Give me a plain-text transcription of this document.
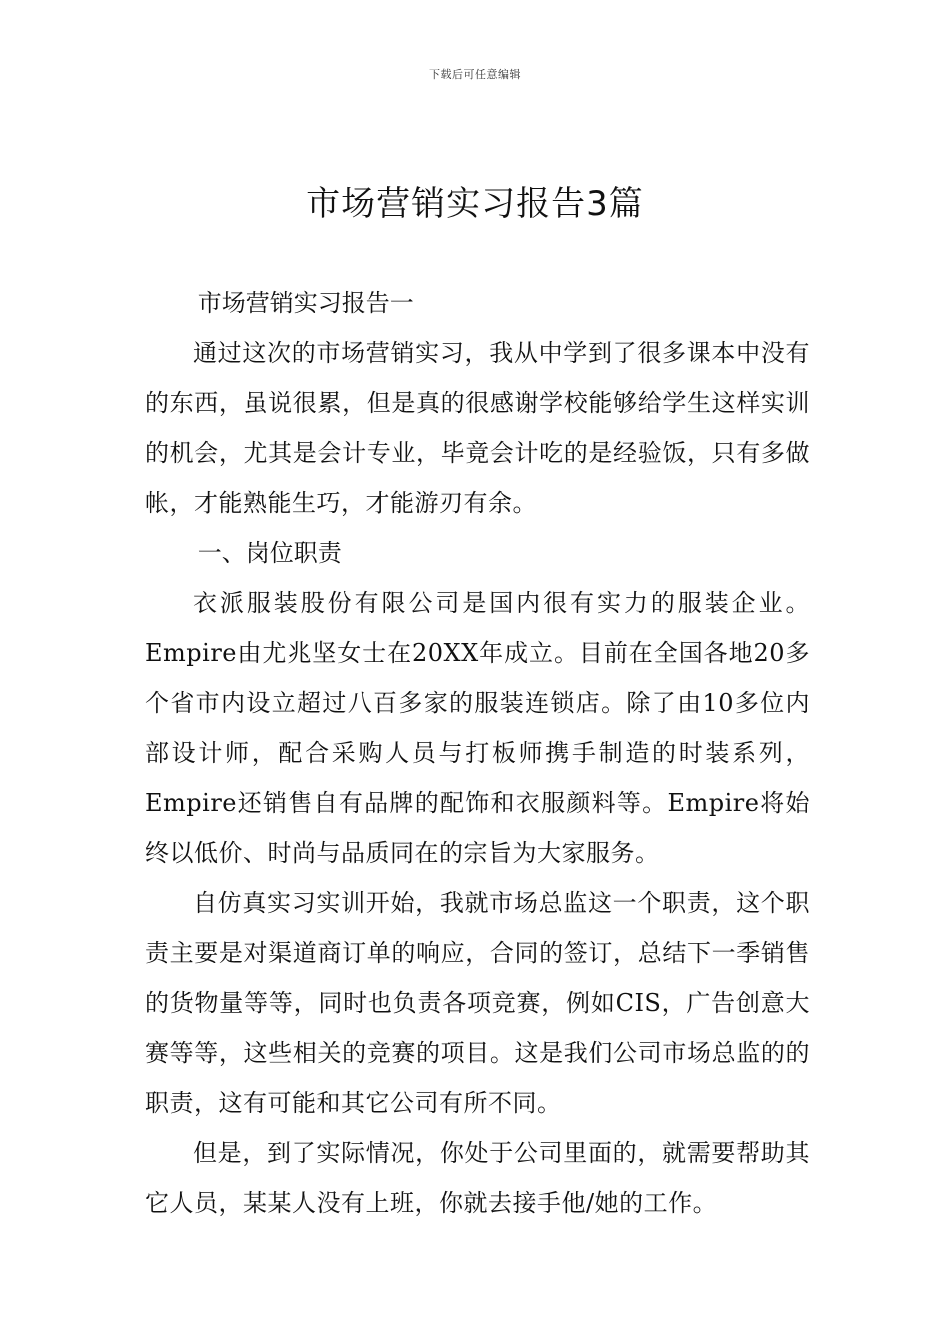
下载后可任意编辑
市场营销实习报告3篇

市场营销实习报告一

通过这次的市场营销实习，我从中学到了很多课本中没有的东西，虽说很累，但是真的很感谢学校能够给学生这样实训的机会，尤其是会计专业，毕竟会计吃的是经验饭，只有多做帐，才能熟能生巧，才能游刃有余。

一、岗位职责

衣派服装股份有限公司是国内很有实力的服装企业。Empire由尤兆坚女士在20XX年成立。目前在全国各地20多个省市内设立超过八百多家的服装连锁店。除了由10多位内部设计师，配合采购人员与打板师携手制造的时装系列，Empire还销售自有品牌的配饰和衣服颜料等。Empire将始终以低价、时尚与品质同在的宗旨为大家服务。

自仿真实习实训开始，我就市场总监这一个职责，这个职责主要是对渠道商订单的响应，合同的签订，总结下一季销售的货物量等等，同时也负责各项竞赛，例如CIS，广告创意大赛等等，这些相关的竞赛的项目。这是我们公司市场总监的的职责，这有可能和其它公司有所不同。

但是，到了实际情况，你处于公司里面的，就需要帮助其它人员，某某人没有上班，你就去接手他/她的工作。
